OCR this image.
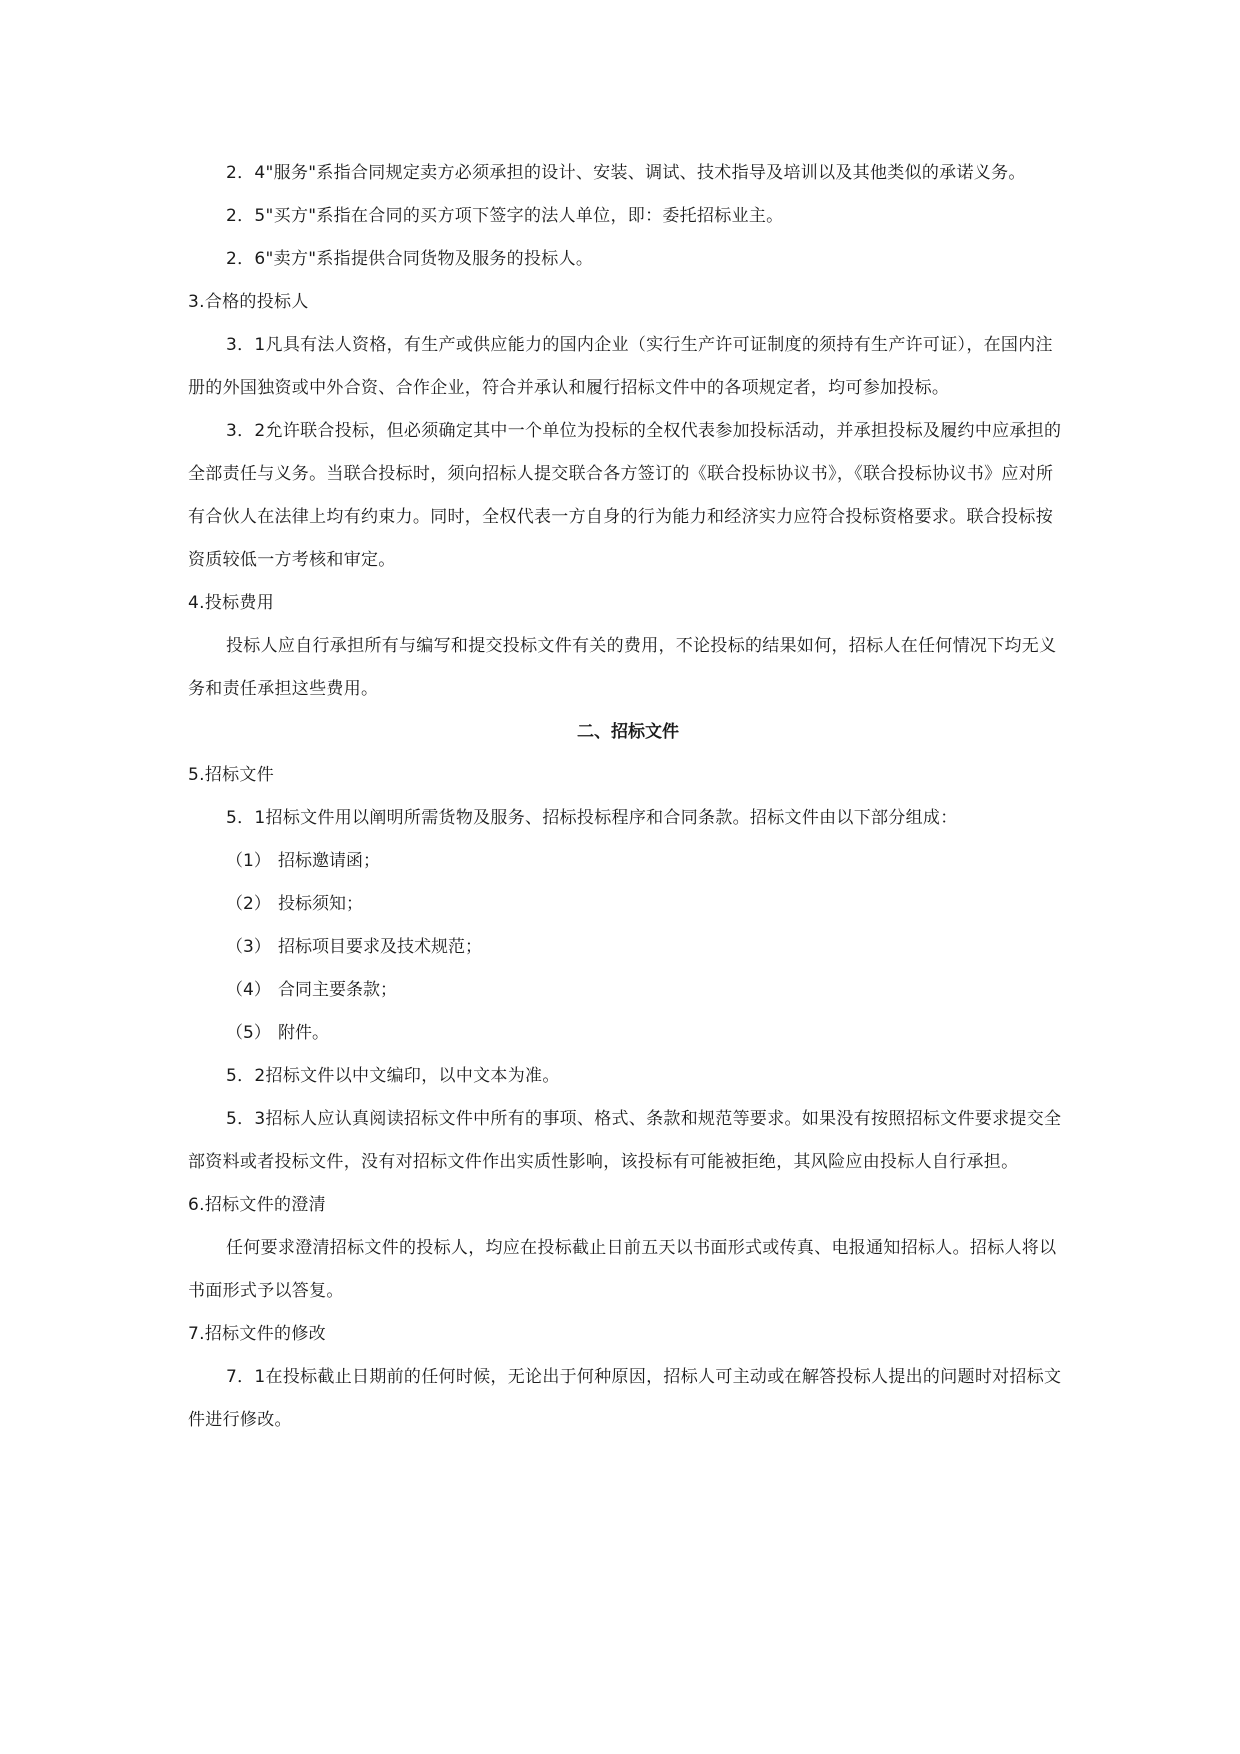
2．4"服务"系指合同规定卖方必须承担的设计、安装、调试、技术指导及培训以及其他类似的承诺义务。

2．5"买方"系指在合同的买方项下签字的法人单位，即：委托招标业主。

2．6"卖方"系指提供合同货物及服务的投标人。

3.合格的投标人

3．1凡具有法人资格，有生产或供应能力的国内企业（实行生产许可证制度的须持有生产许可证），在国内注册的外国独资或中外合资、合作企业，符合并承认和履行招标文件中的各项规定者，均可参加投标。

3．2允许联合投标，但必须确定其中一个单位为投标的全权代表参加投标活动，并承担投标及履约中应承担的全部责任与义务。当联合投标时，须向招标人提交联合各方签订的《联合投标协议书》，《联合投标协议书》应对所有合伙人在法律上均有约束力。同时，全权代表一方自身的行为能力和经济实力应符合投标资格要求。联合投标按资质较低一方考核和审定。

4.投标费用

投标人应自行承担所有与编写和提交投标文件有关的费用，不论投标的结果如何，招标人在任何情况下均无义务和责任承担这些费用。

二、招标文件

5.招标文件

5．1招标文件用以阐明所需货物及服务、招标投标程序和合同条款。招标文件由以下部分组成：

（1） 招标邀请函；

（2） 投标须知；

（3） 招标项目要求及技术规范；

（4） 合同主要条款；

（5） 附件。

5．2招标文件以中文编印，以中文本为准。

5．3招标人应认真阅读招标文件中所有的事项、格式、条款和规范等要求。如果没有按照招标文件要求提交全部资料或者投标文件，没有对招标文件作出实质性影响，该投标有可能被拒绝，其风险应由投标人自行承担。

6.招标文件的澄清

任何要求澄清招标文件的投标人，均应在投标截止日前五天以书面形式或传真、电报通知招标人。招标人将以书面形式予以答复。

7.招标文件的修改

7．1在投标截止日期前的任何时候，无论出于何种原因，招标人可主动或在解答投标人提出的问题时对招标文件进行修改。
